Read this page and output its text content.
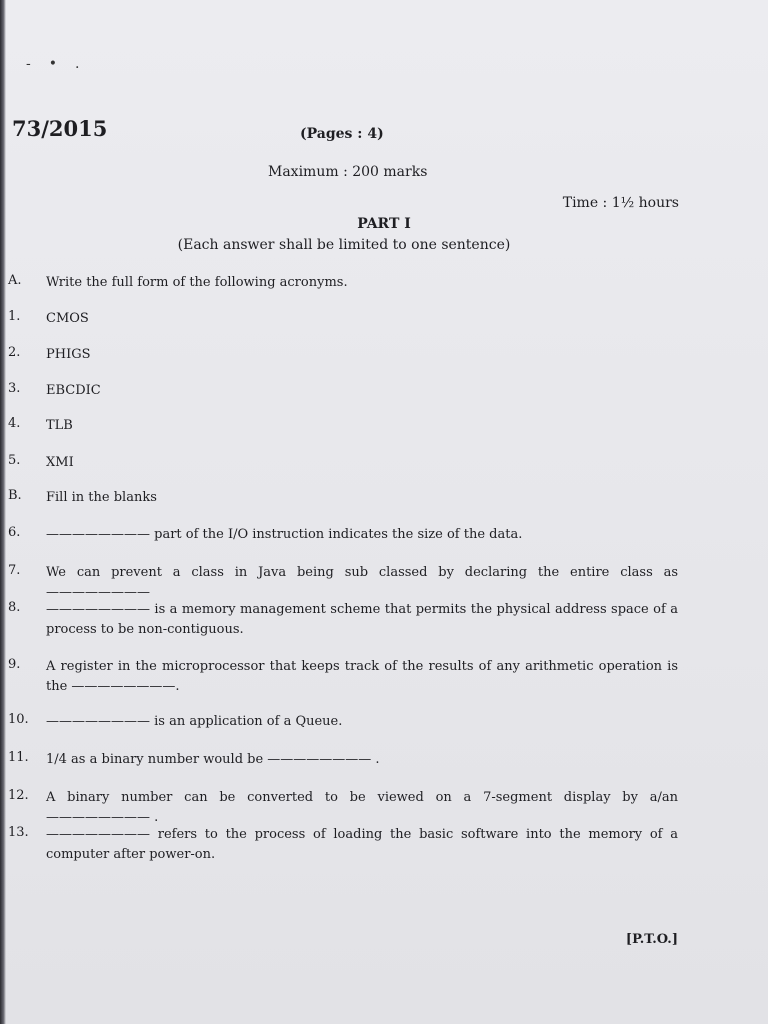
-•.
73/2015	(Pages : 4)
Maximum : 200 marks
Time : 1½ hours
PART I
(Each answer shall be limited to one sentence)
A. Write the full form of the following acronyms.
1. CMOS
2. PHIGS
3. EBCDIC
4. TLB
5. XMI
B. Fill in the blanks
6. ———————— part of the I/O instruction indicates the size of the data.
7. We can prevent a class in Java being sub classed by declaring the entire class as ————————
8. ———————— is a memory management scheme that permits the physical address space of a process to be non-contiguous.
9. A register in the microprocessor that keeps track of the results of any arithmetic operation is the ————————.
10. ———————— is an application of a Queue.
11. 1/4 as a binary number would be ———————— .
12. A binary number can be converted to be viewed on a 7-segment display by a/an ———————— .
13. ———————— refers to the process of loading the basic software into the memory of a computer after power-on.
[P.T.O.]
